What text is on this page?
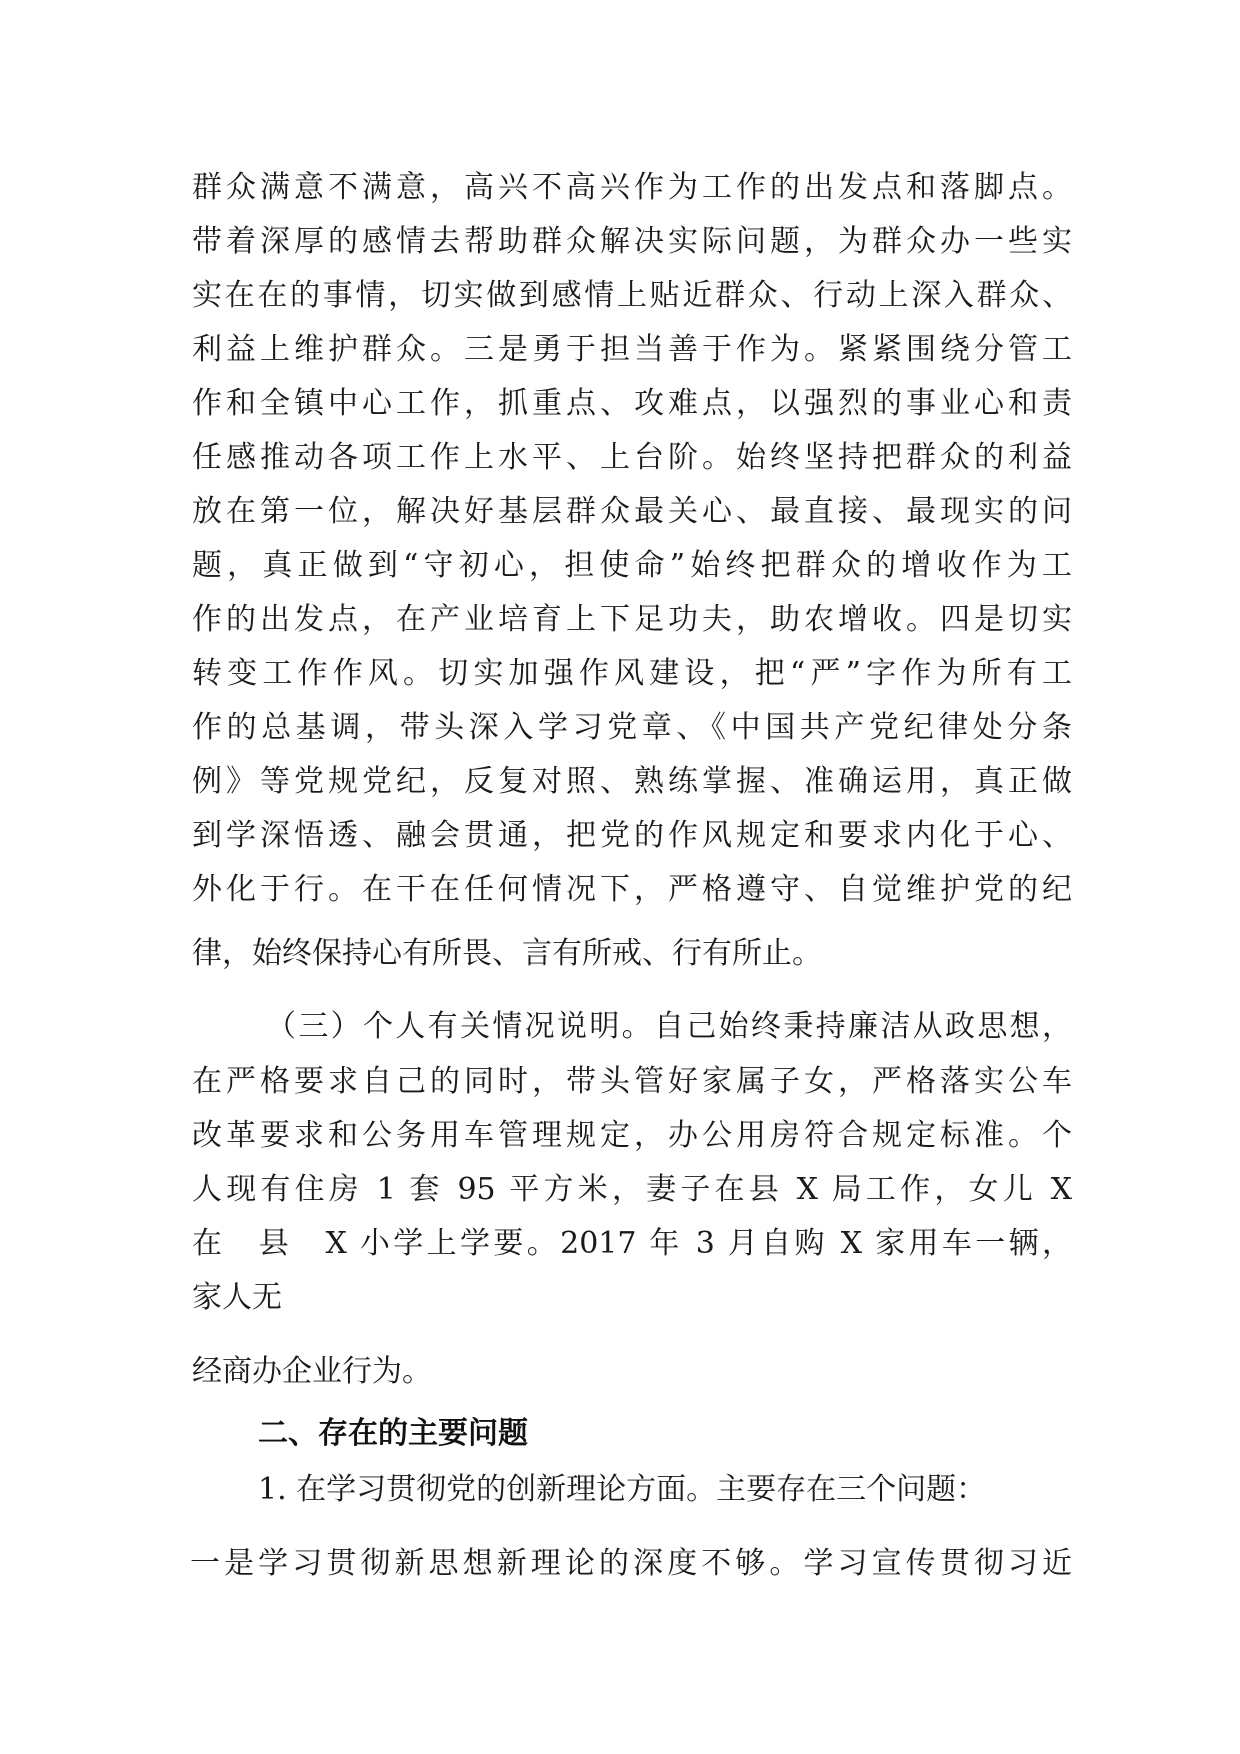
群众满意不满意，高兴不高兴作为工作的出发点和落脚点。
带着深厚的感情去帮助群众解决实际问题，为群众办一些实
实在在的事情，切实做到感情上贴近群众、行动上深入群众、
利益上维护群众。三是勇于担当善于作为。紧紧围绕分管工
作和全镇中心工作，抓重点、攻难点，以强烈的事业心和责
任感推动各项工作上水平、上台阶。始终坚持把群众的利益
放在第一位，解决好基层群众最关心、最直接、最现实的问
题，真正做到“守初心，担使命”始终把群众的增收作为工
作的出发点，在产业培育上下足功夫，助农增收。四是切实
转变工作作风。切实加强作风建设，把“严”字作为所有工
作的总基调，带头深入学习党章、《中国共产党纪律处分条
例》等党规党纪，反复对照、熟练掌握、准确运用，真正做
到学深悟透、融会贯通，把党的作风规定和要求内化于心、
外化于行。在干在任何情况下，严格遵守、自觉维护党的纪
律，始终保持心有所畏、言有所戒、行有所止。
（三）个人有关情况说明。自己始终秉持廉洁从政思想，
在严格要求自己的同时，带头管好家属子女，严格落实公车
改革要求和公务用车管理规定，办公用房符合规定标准。个
人现有住房 1 套 95 平方米，妻子在县 X 局工作，女儿 X
在　县　X 小学上学要。2017 年 3 月自购 X 家用车一辆，
家人无
经商办企业行为。
二、存在的主要问题
1. 在学习贯彻党的创新理论方面。主要存在三个问题：
一是学习贯彻新思想新理论的深度不够。学习宣传贯彻习近
